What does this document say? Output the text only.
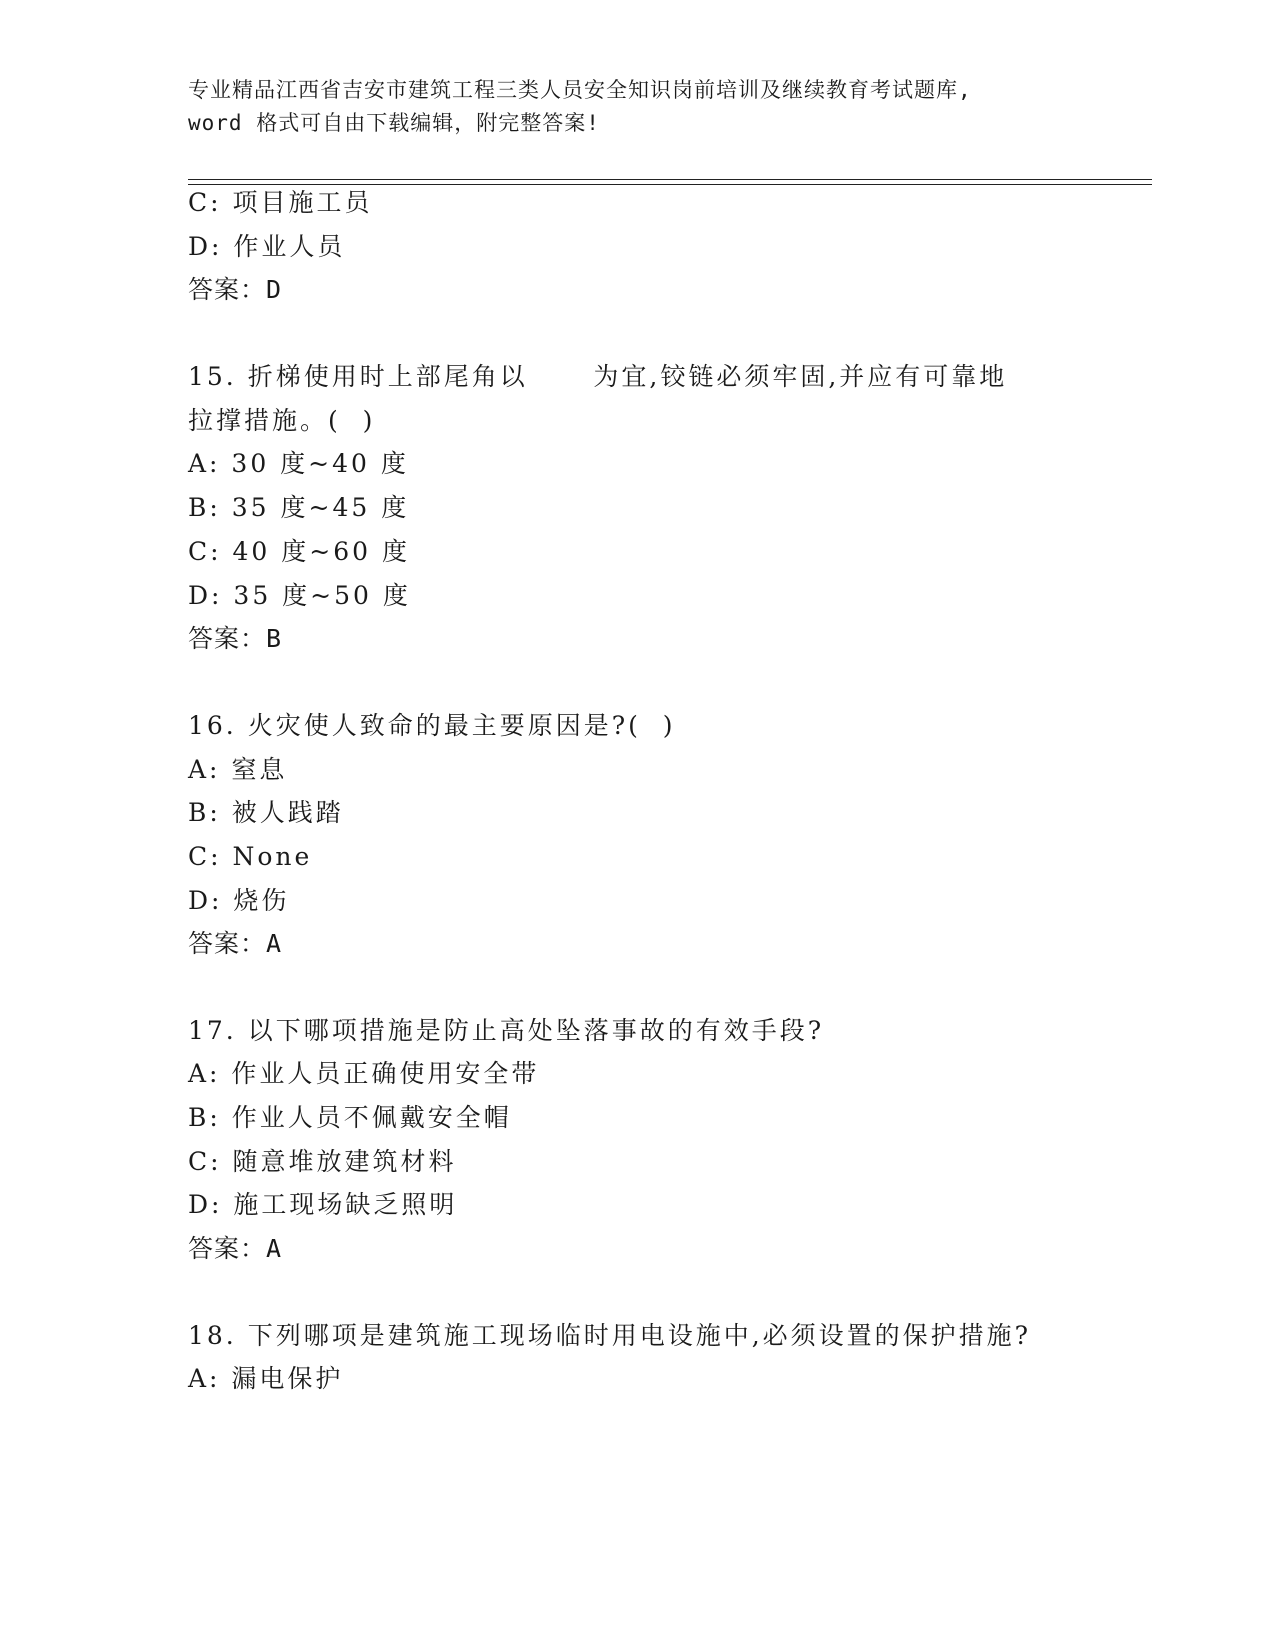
专业精品江西省吉安市建筑工程三类人员安全知识岗前培训及继续教育考试题库,
word 格式可自由下载编辑，附完整答案!
C: 项目施工员
D: 作业人员
答案：D
15. 折梯使用时上部尾角以      为宜,铰链必须牢固,并应有可靠地
拉撑措施。(  )
A: 30 度~40 度
B: 35 度~45 度
C: 40 度~60 度
D: 35 度~50 度
答案：B
16. 火灾使人致命的最主要原因是?(  )
A: 窒息
B: 被人践踏
C: None
D: 烧伤
答案：A
17. 以下哪项措施是防止高处坠落事故的有效手段?
A: 作业人员正确使用安全带
B: 作业人员不佩戴安全帽
C: 随意堆放建筑材料
D: 施工现场缺乏照明
答案：A
18. 下列哪项是建筑施工现场临时用电设施中,必须设置的保护措施?
A: 漏电保护
